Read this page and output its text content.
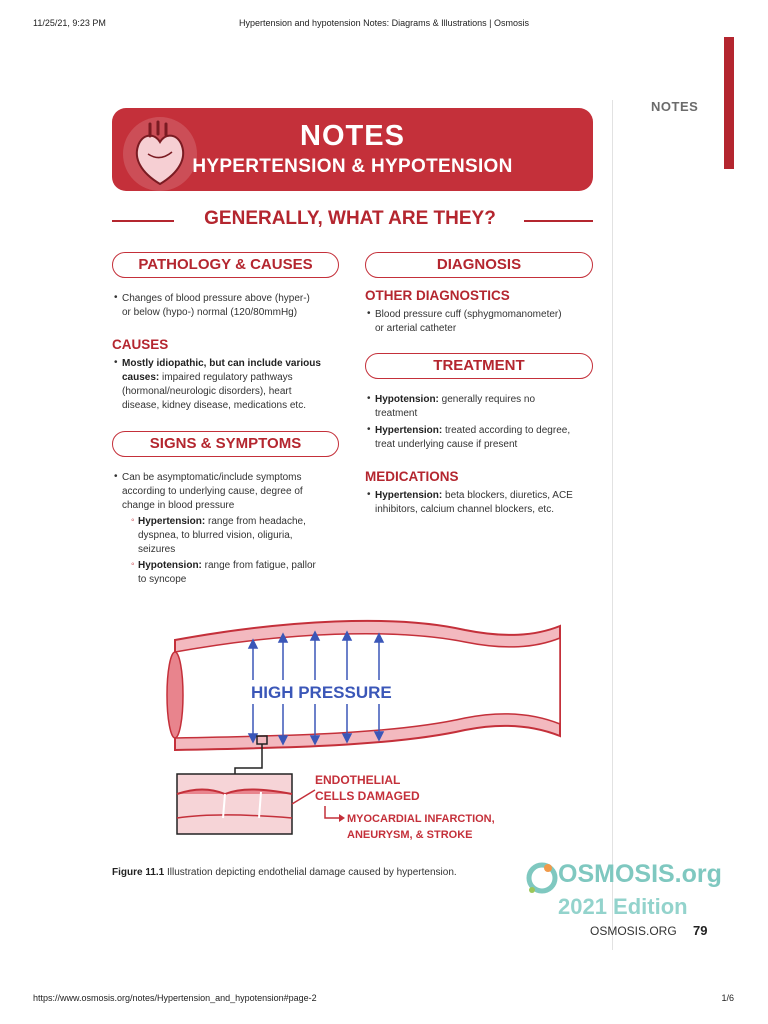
11/25/21, 9:23 PM	Hypertension and hypotension Notes: Diagrams & Illustrations | Osmosis
NOTES
NOTES
HYPERTENSION & HYPOTENSION
GENERALLY, WHAT ARE THEY?
PATHOLOGY & CAUSES
• Changes of blood pressure above (hyper-)
or below (hypo-) normal (120/80mmHg)
CAUSES
• Mostly idiopathic, but can include various
causes: impaired regulatory pathways
(hormonal/neurologic disorders), heart
disease, kidney disease, medications etc.
SIGNS & SYMPTOMS
• Can be asymptomatic/include symptoms
according to underlying cause, degree of
change in blood pressure
◦ Hypertension: range from headache,
dyspnea, to blurred vision, oliguria,
seizures
◦ Hypotension: range from fatigue, pallor
to syncope
DIAGNOSIS
OTHER DIAGNOSTICS
• Blood pressure cuff (sphygmomanometer)
or arterial catheter
TREATMENT
• Hypotension: generally requires no
treatment
• Hypertension: treated according to degree,
treat underlying cause if present
MEDICATIONS
• Hypertension: beta blockers, diuretics, ACE
inhibitors, calcium channel blockers, etc.
HIGH PRESSURE
ENDOTHELIAL
CELLS DAMAGED
MYOCARDIAL INFARCTION,
ANEURYSM, & STROKE
Figure 11.1 Illustration depicting endothelial damage caused by hypertension.	OSMOSIS.org
2021 Edition
OSMOSIS.ORG 79
https://www.osmosis.org/notes/Hypertension_and_hypotension#page-2	1/6
